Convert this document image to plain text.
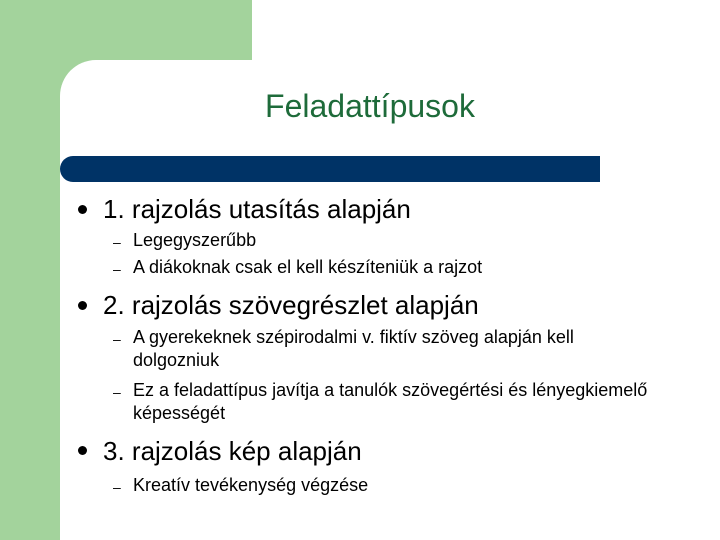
Feladattípusok
1. rajzolás utasítás alapján
– Legegyszerűbb
– A diákoknak csak el kell készíteniük a rajzot
2. rajzolás szövegrészlet alapján
– A gyerekeknek szépirodalmi v. fiktív szöveg alapján kell dolgozniuk
– Ez a feladattípus javítja a tanulók szövegértési és lényegkiemelő képességét
3. rajzolás kép alapján
– Kreatív tevékenység végzése
